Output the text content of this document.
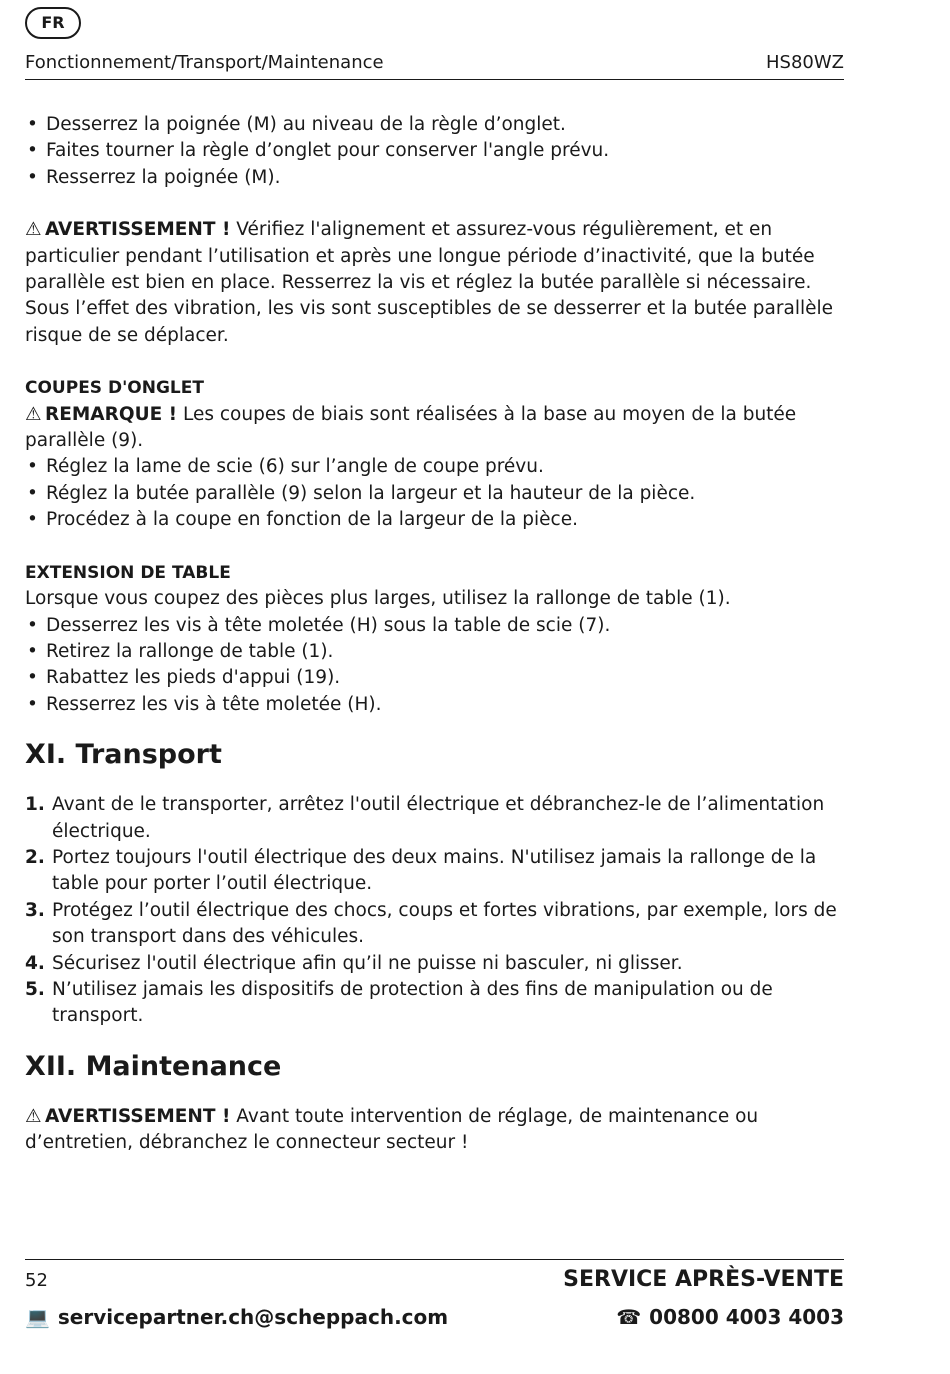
FR
Fonctionnement/Transport/Maintenance	HS80WZ
• Desserrez la poignée (M) au niveau de la règle d’onglet.
• Faites tourner la règle d’onglet pour conserver l'angle prévu.
• Resserrez la poignée (M).

⚠ AVERTISSEMENT ! Vérifiez l'alignement et assurez-vous régulièrement, et en particulier pendant l’utilisation et après une longue période d’inactivité, que la butée parallèle est bien en place. Resserrez la vis et réglez la butée parallèle si nécessaire. Sous l’effet des vibration, les vis sont susceptibles de se desserrer et la butée parallèle risque de se déplacer.

COUPES D'ONGLET

⚠ REMARQUE ! Les coupes de biais sont réalisées à la base au moyen de la butée parallèle (9).

• Réglez la lame de scie (6) sur l’angle de coupe prévu.
• Réglez la butée parallèle (9) selon la largeur et la hauteur de la pièce.
• Procédez à la coupe en fonction de la largeur de la pièce.

EXTENSION DE TABLE

Lorsque vous coupez des pièces plus larges, utilisez la rallonge de table (1).

• Desserrez les vis à tête moletée (H) sous la table de scie (7).
• Retirez la rallonge de table (1).
• Rabattez les pieds d'appui (19).
• Resserrez les vis à tête moletée (H).
XI. Transport
1. Avant de le transporter, arrêtez l'outil électrique et débranchez-le de l’alimentation électrique.
2. Portez toujours l'outil électrique des deux mains. N'utilisez jamais la rallonge de la table pour porter l’outil électrique.
3. Protégez l’outil électrique des chocs, coups et fortes vibrations, par exemple, lors de son transport dans des véhicules.
4. Sécurisez l'outil électrique afin qu’il ne puisse ni basculer, ni glisser.
5. N’utilisez jamais les dispositifs de protection à des fins de manipulation ou de transport.
XII. Maintenance

⚠ AVERTISSEMENT ! Avant toute intervention de réglage, de maintenance ou d’entretien, débranchez le connecteur secteur !

52	SERVICE APRÈS-VENTE
💻 servicepartner.ch@scheppach.com	☎ 00800 4003 4003
